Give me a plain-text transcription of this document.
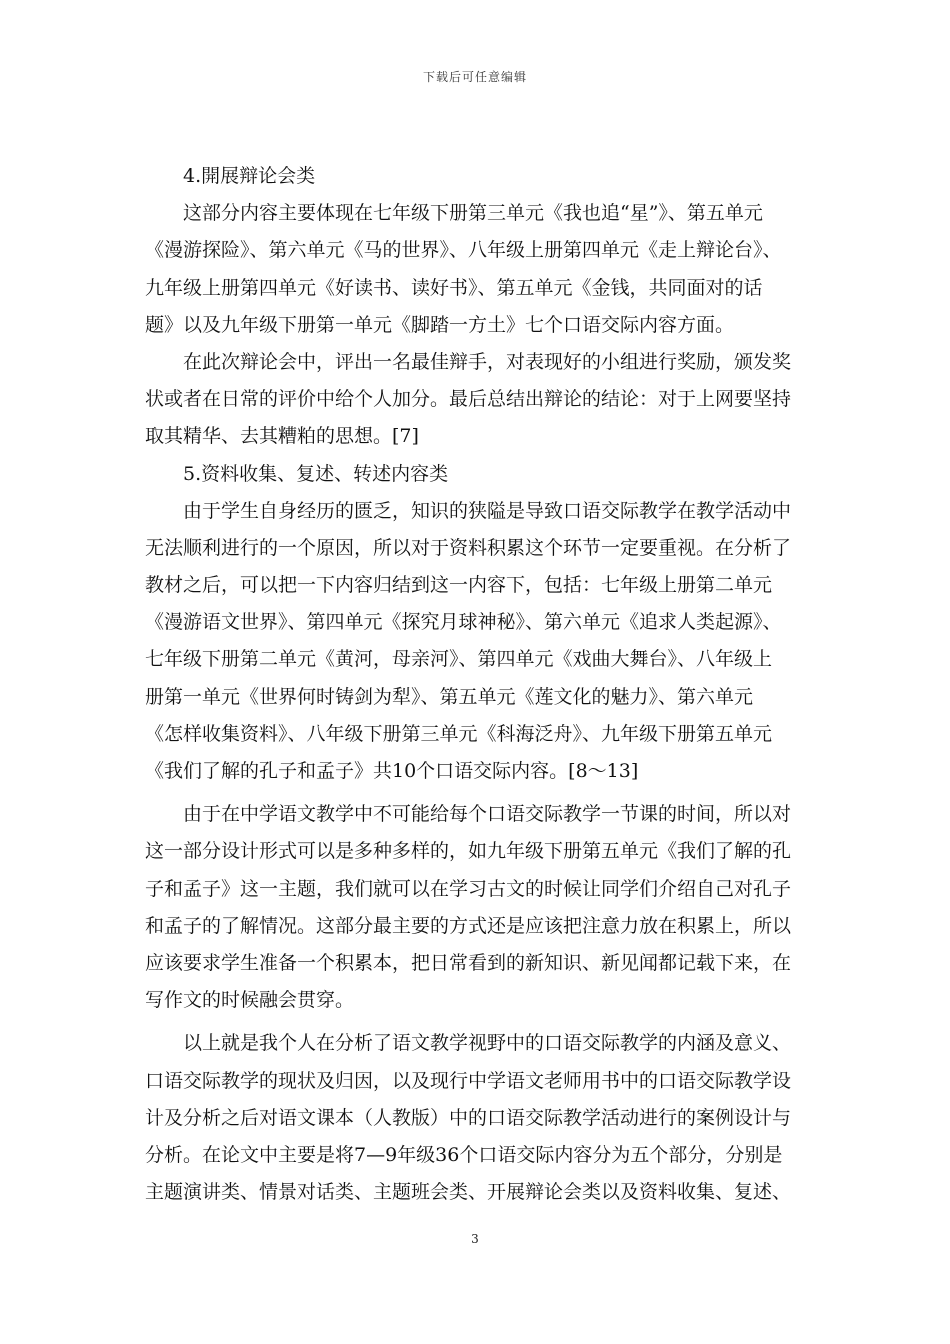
下载后可任意编辑
4.開展辩论会类
这部分内容主要体现在七年级下册第三单元《我也追“星”》、第五单元
《漫游探险》、第六单元《马的世界》、八年级上册第四单元《走上辩论台》、
九年级上册第四单元《好读书、读好书》、第五单元《金钱，共同面对的话
题》以及九年级下册第一单元《脚踏一方土》七个口语交际内容方面。
在此次辩论会中，评出一名最佳辩手，对表现好的小组进行奖励，颁发奖
状或者在日常的评价中给个人加分。最后总结出辩论的结论：对于上网要坚持
取其精华、去其糟粕的思想。[7]
5.资料收集、复述、转述内容类
由于学生自身经历的匮乏，知识的狭隘是导致口语交际教学在教学活动中
无法顺利进行的一个原因，所以对于资料积累这个环节一定要重视。在分析了
教材之后，可以把一下内容归结到这一内容下，包括：七年级上册第二单元
《漫游语文世界》、第四单元《探究月球神秘》、第六单元《追求人类起源》、
七年级下册第二单元《黄河，母亲河》、第四单元《戏曲大舞台》、八年级上
册第一单元《世界何时铸剑为犁》、第五单元《莲文化的魅力》、第六单元
《怎样收集资料》、八年级下册第三单元《科海泛舟》、九年级下册第五单元
《我们了解的孔子和孟子》共10个口语交际内容。[8～13]
由于在中学语文教学中不可能给每个口语交际教学一节课的时间，所以对
这一部分设计形式可以是多种多样的，如九年级下册第五单元《我们了解的孔
子和孟子》这一主题，我们就可以在学习古文的时候让同学们介绍自己对孔子
和孟子的了解情况。这部分最主要的方式还是应该把注意力放在积累上，所以
应该要求学生准备一个积累本，把日常看到的新知识、新见闻都记载下来，在
写作文的时候融会贯穿。
以上就是我个人在分析了语文教学视野中的口语交际教学的内涵及意义、
口语交际教学的现状及归因，以及现行中学语文老师用书中的口语交际教学设
计及分析之后对语文课本（人教版）中的口语交际教学活动进行的案例设计与
分析。在论文中主要是将7—9年级36个口语交际内容分为五个部分，分别是
主题演讲类、情景对话类、主题班会类、开展辩论会类以及资料收集、复述、
3
